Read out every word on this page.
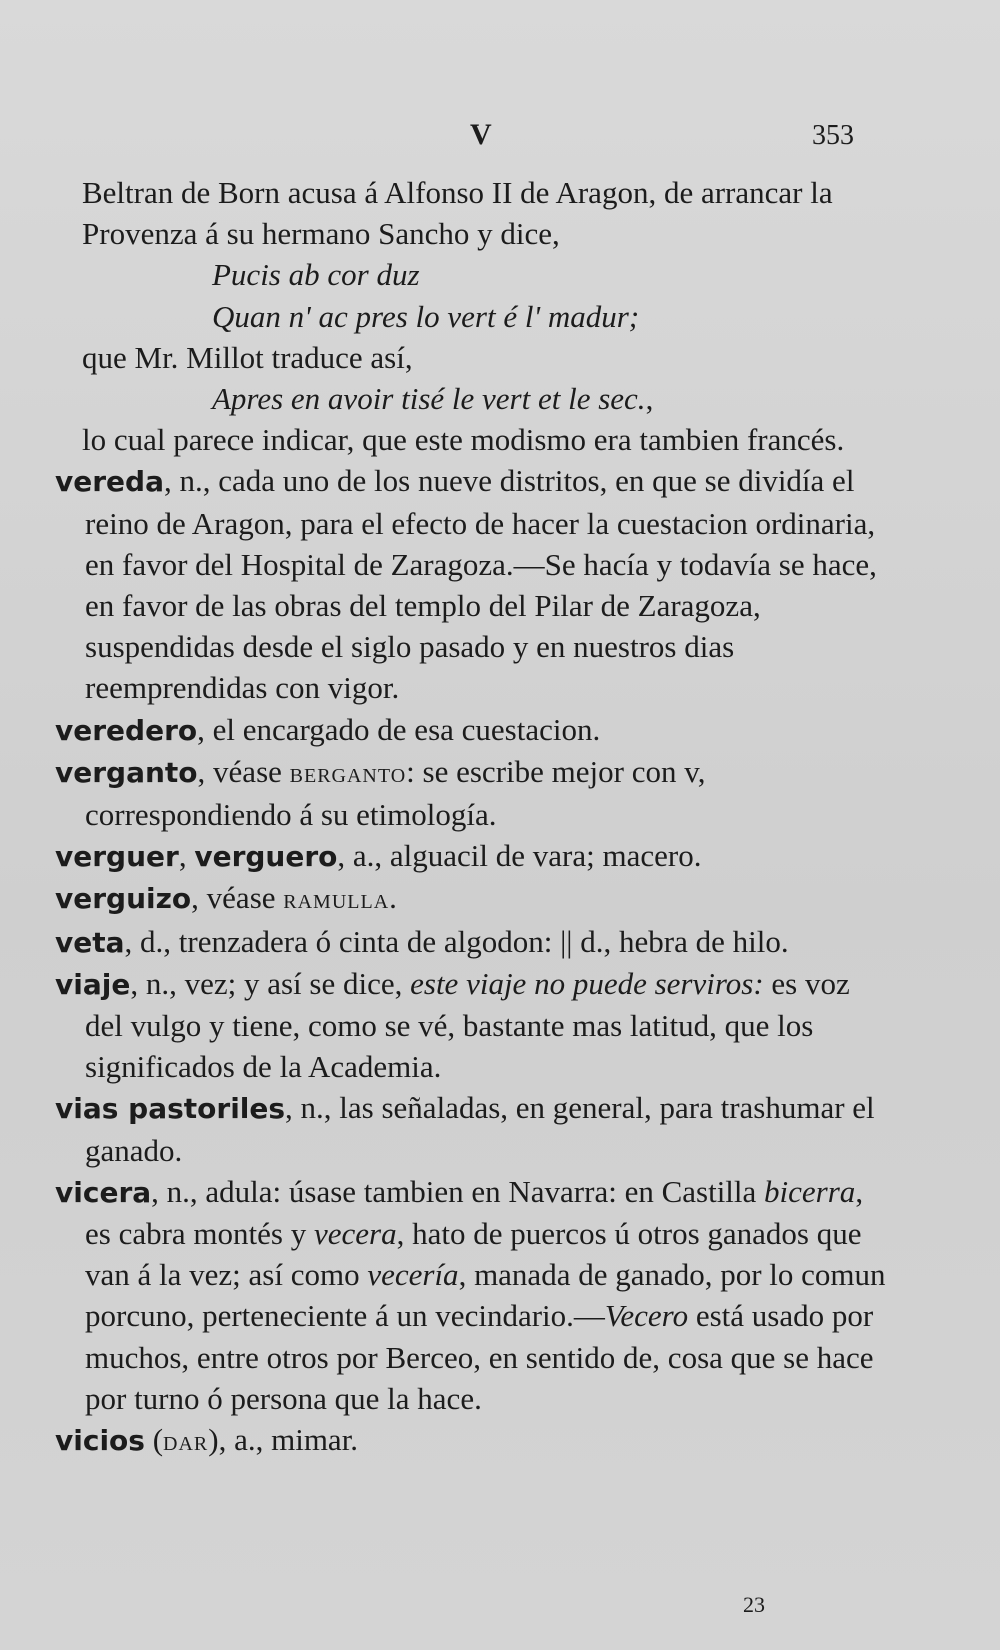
V	353

Beltran de Born acusa á Alfonso II de Aragon, de arrancar la Provenza á su hermano Sancho y dice,

Pucis ab cor duz

Quan n' ac pres lo vert é l' madur;

que Mr. Millot traduce así,

Apres en avoir tisé le vert et le sec.,

lo cual parece indicar, que este modismo era tambien francés.

vereda, n., cada uno de los nueve distritos, en que se dividía el reino de Aragon, para el efecto de hacer la cuestacion ordinaria, en favor del Hospital de Zaragoza.—Se hacía y todavía se hace, en favor de las obras del templo del Pilar de Zaragoza, suspendidas desde el siglo pasado y en nuestros dias reemprendidas con vigor.

veredero, el encargado de esa cuestacion.

verganto, véase berganto: se escribe mejor con v, correspondiendo á su etimología.

verguer, verguero, a., alguacil de vara; macero.

verguizo, véase ramulla.

veta, d., trenzadera ó cinta de algodon: || d., hebra de hilo.

viaje, n., vez; y así se dice, este viaje no puede serviros: es voz del vulgo y tiene, como se vé, bastante mas latitud, que los significados de la Academia.

vias pastoriles, n., las señaladas, en general, para trashumar el ganado.

vicera, n., adula: úsase tambien en Navarra: en Castilla bicerra, es cabra montés y vecera, hato de puercos ú otros ganados que van á la vez; así como vecería, manada de ganado, por lo comun porcuno, perteneciente á un vecindario.—Vecero está usado por muchos, entre otros por Berceo, en sentido de, cosa que se hace por turno ó persona que la hace.

vicios (dar), a., mimar.

23
